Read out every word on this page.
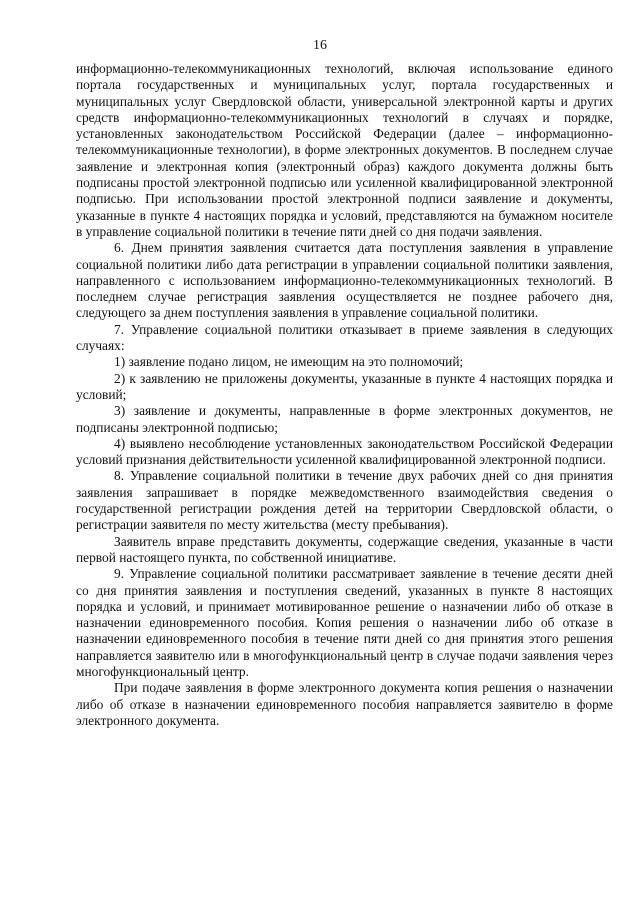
16

информационно-телекоммуникационных технологий, включая использование единого портала государственных и муниципальных услуг, портала государственных и муниципальных услуг Свердловской области, универсальной электронной карты и других средств информационно-телекоммуникационных технологий в случаях и порядке, установленных законодательством Российской Федерации (далее – информационно-телекоммуникационные технологии), в форме электронных документов. В последнем случае заявление и электронная копия (электронный образ) каждого документа должны быть подписаны простой электронной подписью или усиленной квалифицированной электронной подписью. При использовании простой электронной подписи заявление и документы, указанные в пункте 4 настоящих порядка и условий, представляются на бумажном носителе в управление социальной политики в течение пяти дней со дня подачи заявления.

6. Днем принятия заявления считается дата поступления заявления в управление социальной политики либо дата регистрации в управлении социальной политики заявления, направленного с использованием информационно-телекоммуникационных технологий. В последнем случае регистрация заявления осуществляется не позднее рабочего дня, следующего за днем поступления заявления в управление социальной политики.

7. Управление социальной политики отказывает в приеме заявления в следующих случаях:

1) заявление подано лицом, не имеющим на это полномочий;

2) к заявлению не приложены документы, указанные в пункте 4 настоящих порядка и условий;

3) заявление и документы, направленные в форме электронных документов, не подписаны электронной подписью;

4) выявлено несоблюдение установленных законодательством Российской Федерации условий признания действительности усиленной квалифицированной электронной подписи.

8. Управление социальной политики в течение двух рабочих дней со дня принятия заявления запрашивает в порядке межведомственного взаимодействия сведения о государственной регистрации рождения детей на территории Свердловской области, о регистрации заявителя по месту жительства (месту пребывания).

Заявитель вправе представить документы, содержащие сведения, указанные в части первой настоящего пункта, по собственной инициативе.

9. Управление социальной политики рассматривает заявление в течение десяти дней со дня принятия заявления и поступления сведений, указанных в пункте 8 настоящих порядка и условий, и принимает мотивированное решение о назначении либо об отказе в назначении единовременного пособия. Копия решения о назначении либо об отказе в назначении единовременного пособия в течение пяти дней со дня принятия этого решения направляется заявителю или в многофункциональный центр в случае подачи заявления через многофункциональный центр.

При подаче заявления в форме электронного документа копия решения о назначении либо об отказе в назначении единовременного пособия направляется заявителю в форме электронного документа.
